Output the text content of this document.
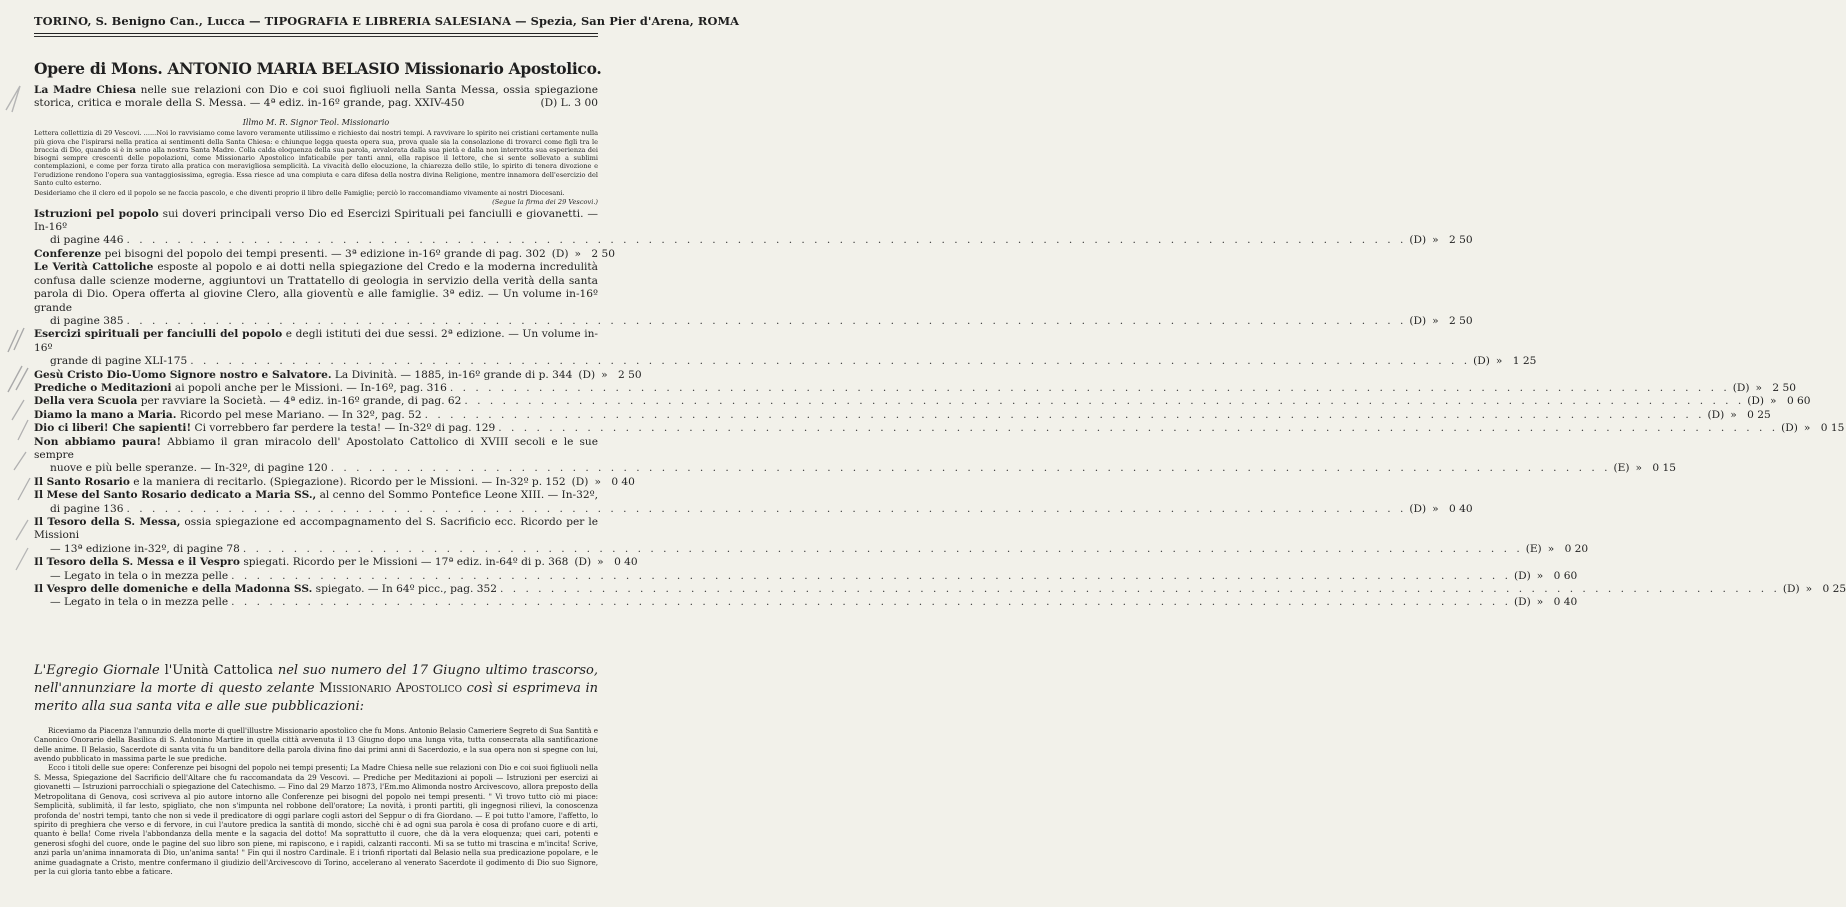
TORINO, S. Benigno Can., Lucca — TIPOGRAFIA E LIBRERIA SALESIANA — Spezia, San Pier d'Arena, ROMA
Opere di Mons. ANTONIO MARIA BELASIO Missionario Apostolico.
La Madre Chiesa nelle sue relazioni con Dio e coi suoi figliuoli nella Santa Messa, ossia spiegazione storica, critica e morale della S. Messa. — 4ª ediz. in-16º grande, pag. XXIV-450	(D) L. 3 00
Illmo M. R. Signor Teol. Missionario

Lettera collettizia di 29 Vescovi. ......Noi lo ravvisiamo come lavoro veramente utilissimo e richiesto dai nostri tempi. A ravvivare lo spirito nei cristiani certamente nulla più giova che l'ispirarsi nella pratica ai sentimenti della Santa Chiesa: e chiunque legga questa opera sua, prova quale sia la consolazione di trovarci come figli tra le braccia di Dio, quando si è in seno alla nostra Santa Madre. Colla calda eloquenza della sua parola, avvalorata dalla sua pietà e dalla non interrotta sua esperienza dei bisogni sempre crescenti delle popolazioni, come Missionario Apostolico infaticabile per tanti anni, ella rapisce il lettore, che si sente sollevato a sublimi contemplazioni, e come per forza tirato alla pratica con meravigliosa semplicità. La vivacità dello elocuzione, la chiarezza dello stile, lo spirito di tenera divozione e l'erudizione rendono l'opera sua vantaggiosissima, egregia. Essa riesce ad una compiuta e cara difesa della nostra divina Religione, mentre innamora dell'esercizio del Santo culto esterno.

Desideriamo che il clero ed il popolo se ne faccia pascolo, e che diventi proprio il libro delle Famiglie; perciò lo raccomandiamo vivamente ai nostri Diocesani.
(Segue la firma dei 29 Vescovi.)

Istruzioni pel popolo sui doveri principali verso Dio ed Esercizi Spirituali pei fanciulli e giovanetti. — In-16º
di pagine 446 . . .	(D) » 2 50
Conferenze pei bisogni del popolo dei tempi presenti. — 3ª edizione in-16º grande di pag. 302 (D) » 2 50
Le Verità Cattoliche esposte al popolo e ai dotti nella spiegazione del Credo e la moderna incredulità confusa dalle scienze moderne, aggiuntovi un Trattatello di geologia in servizio della verità della santa parola di Dio. Opera offerta al giovine Clero, alla gioventù e alle famiglie. 3ª ediz. — Un volume in-16º grande
di pagine 385 . . .	(D) » 2 50
Esercizi spirituali per fanciulli del popolo e degli istituti dei due sessi. 2ª edizione. — Un volume in-16º
grande di pagine XLI-175 . . .	(D) » 1 25
Gesù Cristo Dio-Uomo Signore nostro e Salvatore. La Divinità. — 1885, in-16º grande di p. 344 (D) » 2 50
Prediche o Meditazioni ai popoli anche per le Missioni. — In-16º, pag. 316 . . .	(D) » 2 50
Della vera Scuola per ravviare la Società. — 4ª ediz. in-16º grande, di pag. 62 . . .	(D) » 0 60
Diamo la mano a Maria. Ricordo pel mese Mariano. — In 32º, pag. 52 . . .	(D) » 0 25
Dio ci liberi! Che sapienti! Ci vorrebbero far perdere la testa! — In-32º di pag. 129 . . .	(D) » 0 15
Non abbiamo paura! Abbiamo il gran miracolo dell' Apostolato Cattolico di XVIII secoli e le sue sempre
nuove e più belle speranze. — In-32º, di pagine 120 . . .	(E) » 0 15
Il Santo Rosario e la maniera di recitarlo. (Spiegazione). Ricordo per le Missioni. — In-32º p. 152 (D) » 0 40
Il Mese del Santo Rosario dedicato a Maria SS., al cenno del Sommo Pontefice Leone XIII. — In-32º,
di pagine 136 . . .	(D) » 0 40
Il Tesoro della S. Messa, ossia spiegazione ed accompagnamento del S. Sacrificio ecc. Ricordo per le Missioni
— 13ª edizione in-32º, di pagine 78 . . .	(E) » 0 20
Il Tesoro della S. Messa e il Vespro spiegati. Ricordo per le Missioni — 17ª ediz. in-64º di p. 368 (D) » 0 40
— Legato in tela o in mezza pelle . . .	(D) » 0 60
Il Vespro delle domeniche e della Madonna SS. spiegato. — In 64º picc., pag. 352 . . .	(D) » 0 25
— Legato in tela o in mezza pelle . . .	(D) » 0 40
L'Egregio Giornale l'Unità Cattolica nel suo numero del 17 Giugno ultimo trascorso, nell'annunziare la morte di questo zelante Missionario Apostolico così si esprimeva in merito alla sua santa vita e alle sue pubblicazioni:

Riceviamo da Piacenza l'annunzio della morte di quell'illustre Missionario apostolico che fu Mons. Antonio Belasio Cameriere Segreto di Sua Santità e Canonico Onorario della Basilica di S. Antonino Martire in quella città avvenuta il 13 Giugno dopo una lunga vita, tutta consecrata alla santificazione delle anime. Il Belasio, Sacerdote di santa vita fu un banditore della parola divina fino dai primi anni di Sacerdozio, e la sua opera non si spegne con lui, avendo pubblicato in massima parte le sue prediche.

Ecco i titoli delle sue opere: Conferenze pei bisogni del popolo nei tempi presenti; La Madre Chiesa nelle sue relazioni con Dio e coi suoi figliuoli nella S. Messa, Spiegazione del Sacrificio dell'Altare che fu raccomandata da 29 Vescovi. — Prediche per Meditazioni ai popoli — Istruzioni per esercizi ai giovanetti — Istruzioni parrocchiali o spiegazione del Catechismo. — Fino dal 29 Marzo 1873, l'Em.mo Alimonda nostro Arcivescovo, allora preposto della Metropolitana di Genova, così scriveva al pio autore intorno alle Conferenze pei bisogni del popolo nei tempi presenti. " Vi trovo tutto ciò mi piace: Semplicità, sublimità, il far lesto, spigliato, che non s'impunta nel robbone dell'oratore; La novità, i pronti partiti, gli ingegnosi rilievi, la conoscenza profonda de' nostri tempi, tanto che non si vede il predicatore di oggi parlare cogli astori del Seppur o di fra Giordano. — E poi tutto l'amore, l'affetto, lo spirito di preghiera che verso e di fervore, in cui l'autore predica la santità di mondo, sicchè chi è ad ogni sua parola è cosa di profano cuore e di arti, quanto è bella! Come rivela l'abbondanza della mente e la sagacia del dotto! Ma soprattutto il cuore, che dà la vera eloquenza; quei cari, potenti e generosi sfoghi del cuore, onde le pagine del suo libro son piene, mi rapiscono, e i rapidi, calzanti racconti. Mi sa se tutto mi trascina e m'incita! Scrive, anzi parla un'anima innamorata di Dio, un'anima santa! " Fin qui il nostro Cardinale. E i trionfi riportati dal Belasio nella sua predicazione popolare, e le anime guadagnate a Cristo, mentre confermano il giudizio dell'Arcivescovo di Torino, accelerano al venerato Sacerdote il godimento di Dio suo Signore, per la cui gloria tanto ebbe a faticare.
